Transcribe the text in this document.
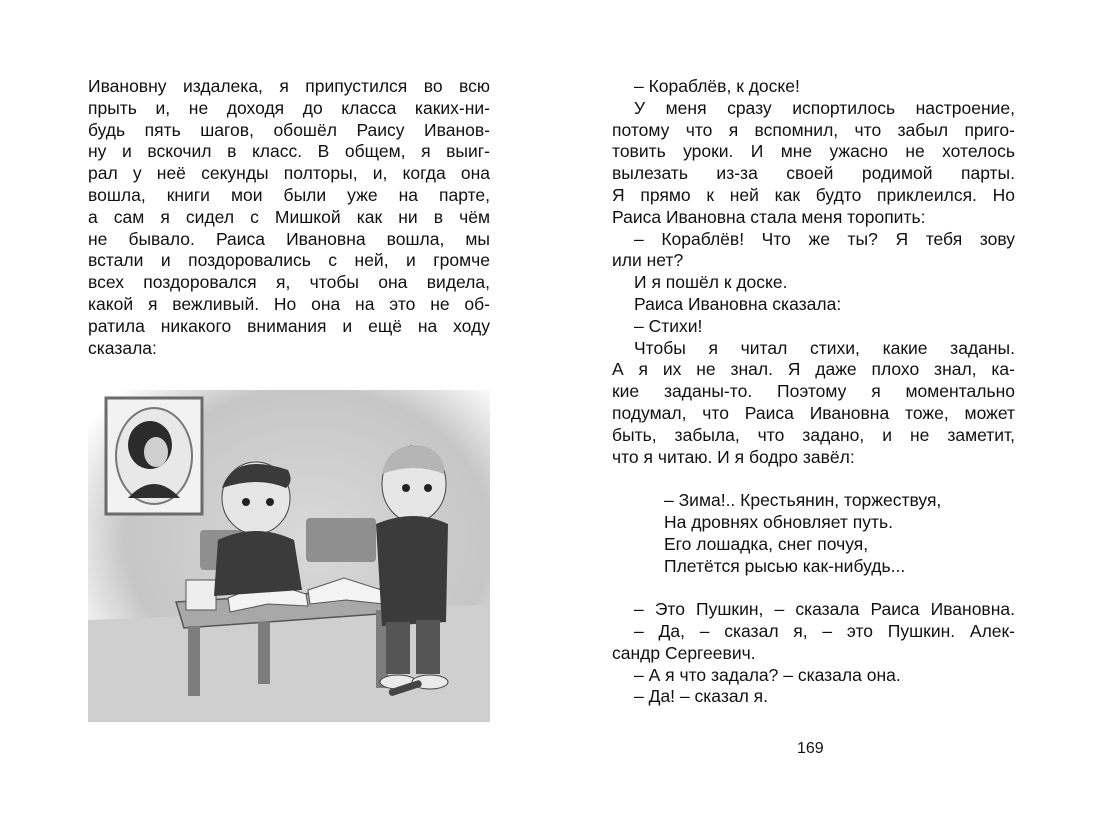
Ивановну издалека, я припустился во всю
прыть и, не доходя до класса каких-ни-
будь пять шагов, обошёл Раису Иванов-
ну и вскочил в класс. В общем, я выиг-
рал у неё секунды полторы, и, когда она
вошла, книги мои были уже на парте,
а сам я сидел с Мишкой как ни в чём
не бывало. Раиса Ивановна вошла, мы
встали и поздоровались с ней, и громче
всех поздоровался я, чтобы она видела,
какой я вежливый. Но она на это не об-
ратила никакого внимания и ещё на ходу
сказала:
– Кораблёв, к доске!
У меня сразу испортилось настроение,
потому что я вспомнил, что забыл приго-
товить уроки. И мне ужасно не хотелось
вылезать из-за своей родимой парты.
Я прямо к ней как будто приклеился. Но
Раиса Ивановна стала меня торопить:
– Кораблёв! Что же ты? Я тебя зову
или нет?
И я пошёл к доске.
Раиса Ивановна сказала:
– Стихи!
Чтобы я читал стихи, какие заданы.
А я их не знал. Я даже плохо знал, ка-
кие заданы-то. Поэтому я моментально
подумал, что Раиса Ивановна тоже, может
быть, забыла, что задано, и не заметит,
что я читаю. И я бодро завёл:
– Зима!.. Крестьянин, торжествуя,
На дровнях обновляет путь.
Его лошадка, снег почуя,
Плетётся рысью как-нибудь...
– Это Пушкин, – сказала Раиса Ивановна.
– Да, – сказал я, – это Пушкин. Алек-
сандр Сергеевич.
– А я что задала? – сказала она.
– Да! – сказал я.
169
